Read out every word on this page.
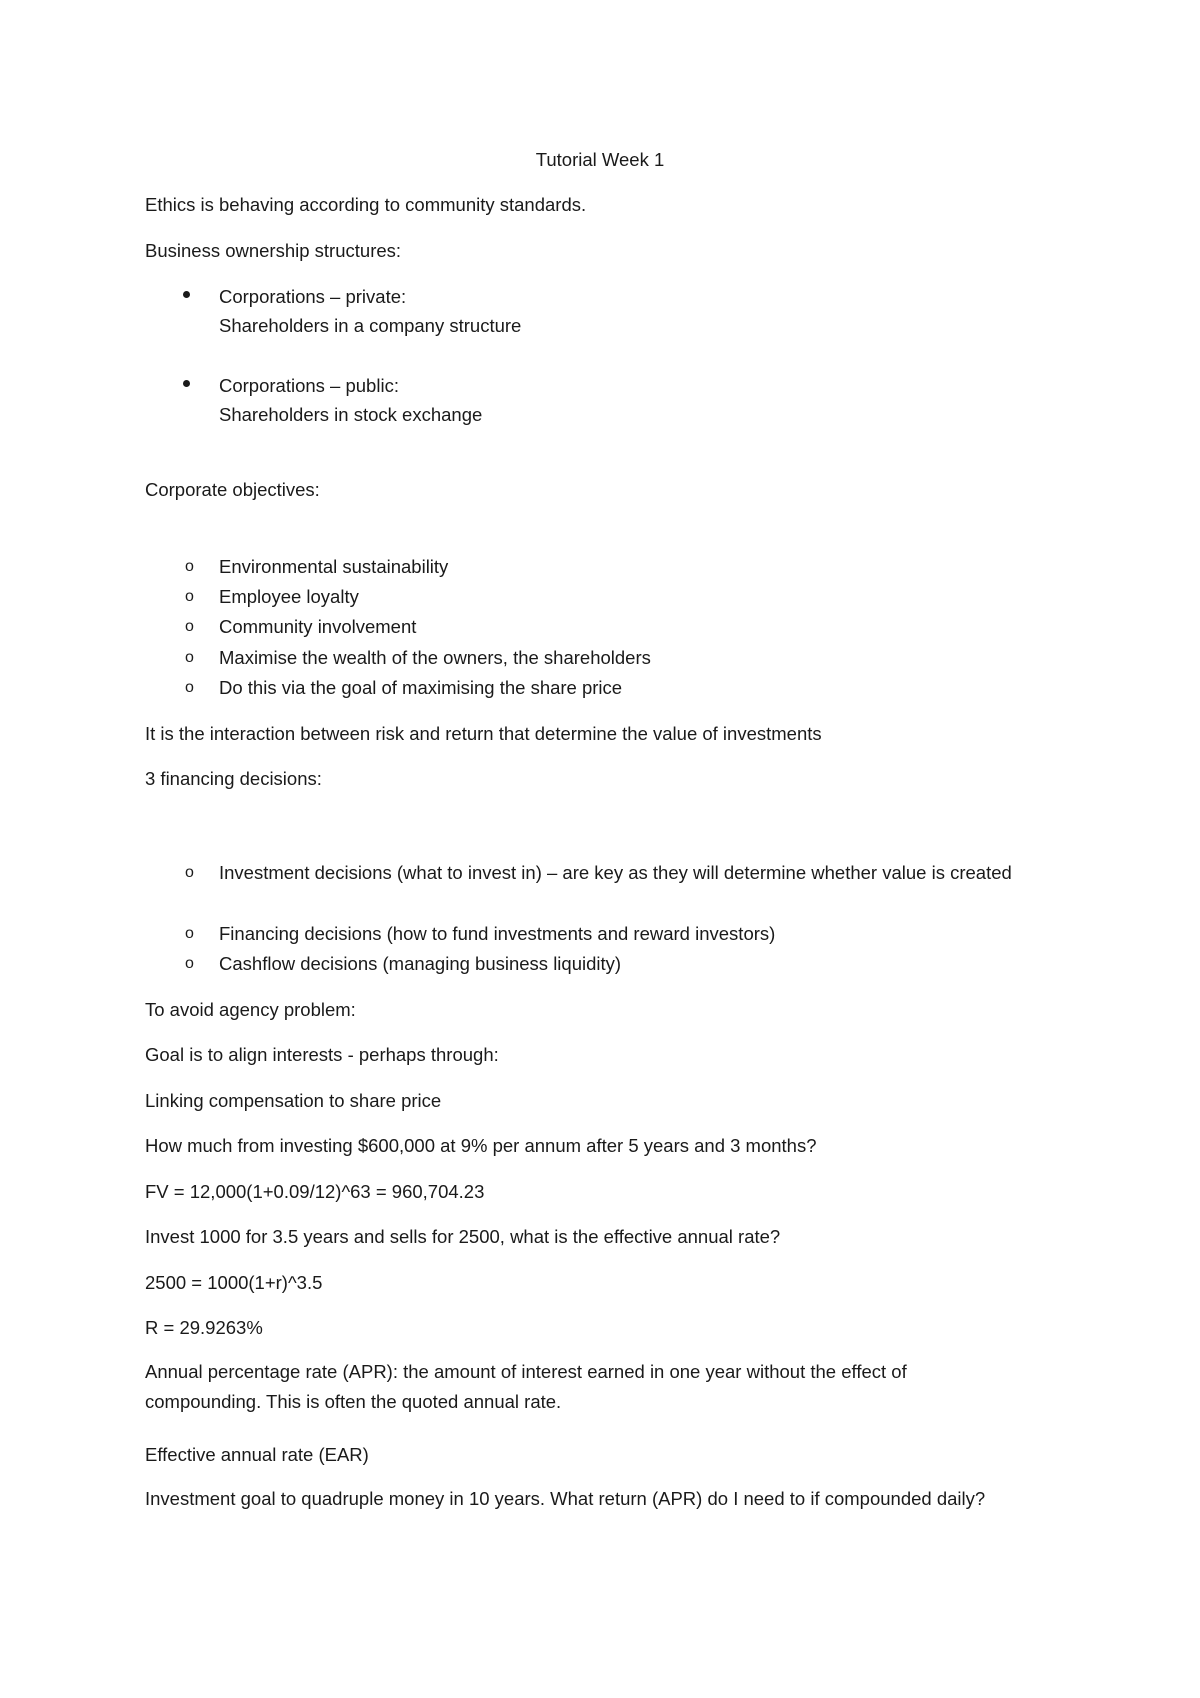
Tutorial Week 1
Ethics is behaving according to community standards.
Business ownership structures:
Corporations – private:
Shareholders in a company structure
Corporations – public:
Shareholders in stock exchange
Corporate objectives:
o Environmental sustainability
o Employee loyalty
o Community involvement
o Maximise the wealth of the owners, the shareholders
o Do this via the goal of maximising the share price
It is the interaction between risk and return that determine the value of investments
3 financing decisions:
o Investment decisions (what to invest in) – are key as they will determine whether value is created
o Financing decisions (how to fund investments and reward investors)
o Cashflow decisions (managing business liquidity)
To avoid agency problem:
Goal is to align interests - perhaps through:
Linking compensation to share price
How much from investing $600,000 at 9% per annum after 5 years and 3 months?
FV = 12,000(1+0.09/12)^63 = 960,704.23
Invest 1000 for 3.5 years and sells for 2500, what is the effective annual rate?
2500 = 1000(1+r)^3.5
R = 29.9263%
Annual percentage rate (APR): the amount of interest earned in one year without the effect of compounding. This is often the quoted annual rate.
Effective annual rate (EAR)
Investment goal to quadruple money in 10 years. What return (APR) do I need to if compounded daily?
